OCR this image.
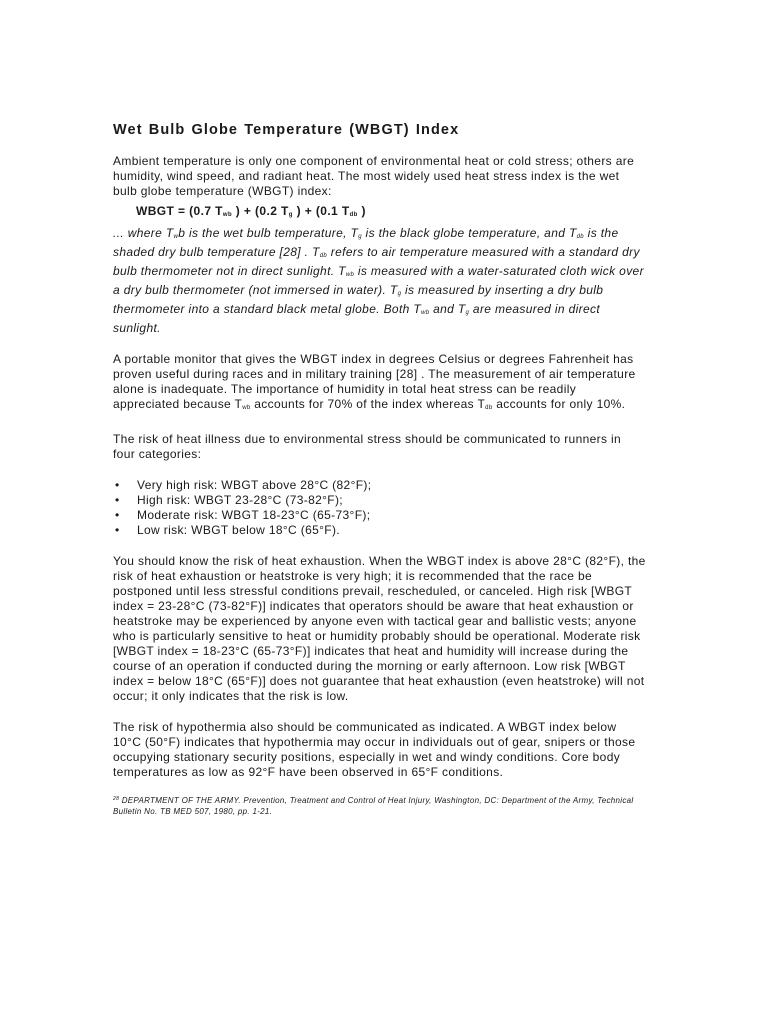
Wet Bulb Globe Temperature (WBGT) Index

Ambient temperature is only one component of environmental heat or cold stress; others are humidity, wind speed, and radiant heat. The most widely used heat stress index is the wet bulb globe temperature (WBGT) index:

WBGT = (0.7 $T_{wb}$ ) + (0.2 $T_g$ ) + (0.1 $T_{db}$ )

... where $T_wb$ is the wet bulb temperature, $T_g$ is the black globe temperature, and $T_{db}$ is the shaded dry bulb temperature [28] . $T_{db}$ refers to air temperature measured with a standard dry bulb thermometer not in direct sunlight. $T_{wb}$ is measured with a water-saturated cloth wick over a dry bulb thermometer (not immersed in water). $T_g$ is measured by inserting a dry bulb thermometer into a standard black metal globe. Both $T_{wb}$ and $T_g$ are measured in direct sunlight.

A portable monitor that gives the WBGT index in degrees Celsius or degrees Fahrenheit has proven useful during races and in military training [28] . The measurement of air temperature alone is inadequate. The importance of humidity in total heat stress can be readily appreciated because $T_{wb}$ accounts for 70% of the index whereas $T_{db}$ accounts for only 10%.

The risk of heat illness due to environmental stress should be communicated to runners in four categories:

• Very high risk: WBGT above 28°C (82°F);
• High risk: WBGT 23-28°C (73-82°F);
• Moderate risk: WBGT 18-23°C (65-73°F);
• Low risk: WBGT below 18°C (65°F).

You should know the risk of heat exhaustion. When the WBGT index is above 28°C (82°F), the risk of heat exhaustion or heatstroke is very high; it is recommended that the race be postponed until less stressful conditions prevail, rescheduled, or canceled. High risk [WBGT index = 23-28°C (73-82°F)] indicates that operators should be aware that heat exhaustion or heatstroke may be experienced by anyone even with tactical gear and ballistic vests; anyone who is particularly sensitive to heat or humidity probably should be operational. Moderate risk [WBGT index = 18-23°C (65-73°F)] indicates that heat and humidity will increase during the course of an operation if conducted during the morning or early afternoon. Low risk [WBGT index = below 18°C (65°F)] does not guarantee that heat exhaustion (even heatstroke) will not occur; it only indicates that the risk is low.

The risk of hypothermia also should be communicated as indicated. A WBGT index below 10°C (50°F) indicates that hypothermia may occur in individuals out of gear, snipers or those occupying stationary security positions, especially in wet and windy conditions. Core body temperatures as low as 92°F have been observed in 65°F conditions.

$^{28}$ DEPARTMENT OF THE ARMY. Prevention, Treatment and Control of Heat Injury, Washington, DC: Department of the Army, Technical Bulletin No. TB MED 507, 1980, pp. 1-21.
